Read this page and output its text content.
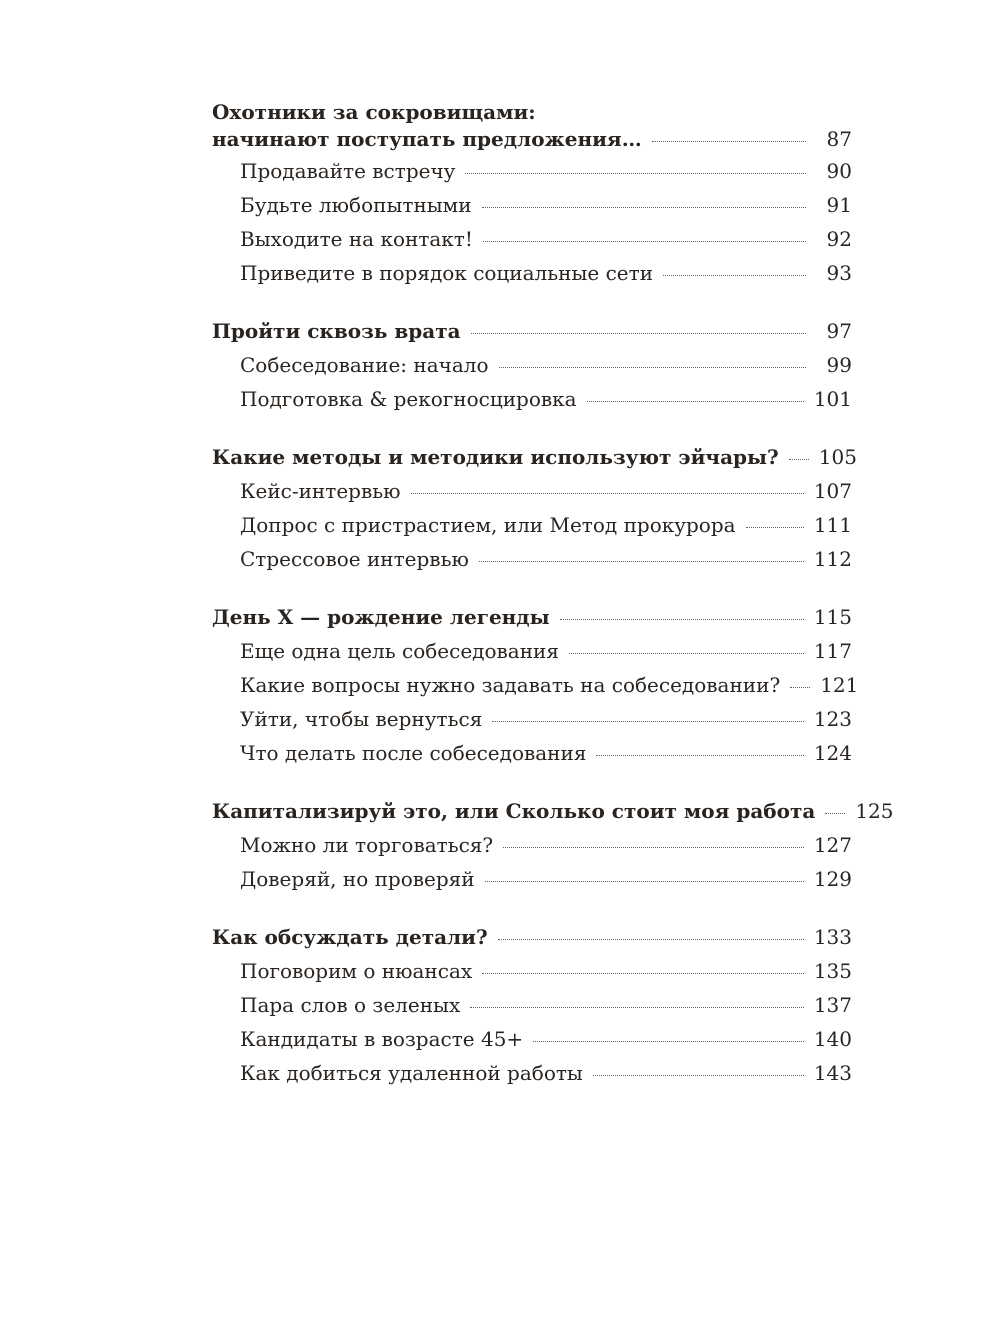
Охотники за сокровищами:
начинают поступать предложения…	87
Продавайте встречу	90
Будьте любопытными	91
Выходите на контакт!	92
Приведите в порядок социальные сети	93
Пройти сквозь врата	97
Собеседование: начало	99
Подготовка & рекогносцировка	101
Какие методы и методики используют эйчары? 105
Кейс-интервью	107
Допрос с пристрастием, или Метод прокурора	111
Стрессовое интервью	112
День X — рождение легенды	115
Еще одна цель собеседования	117
Какие вопросы нужно задавать на собеседовании? 121
Уйти, чтобы вернуться	123
Что делать после собеседования	124
Капитализируй это, или Сколько стоит моя работа 125
Можно ли торговаться?	127
Доверяй, но проверяй	129
Как обсуждать детали?	133
Поговорим о нюансах	135
Пара слов о зеленых	137
Кандидаты в возрасте 45+	140
Как добиться удаленной работы	143
